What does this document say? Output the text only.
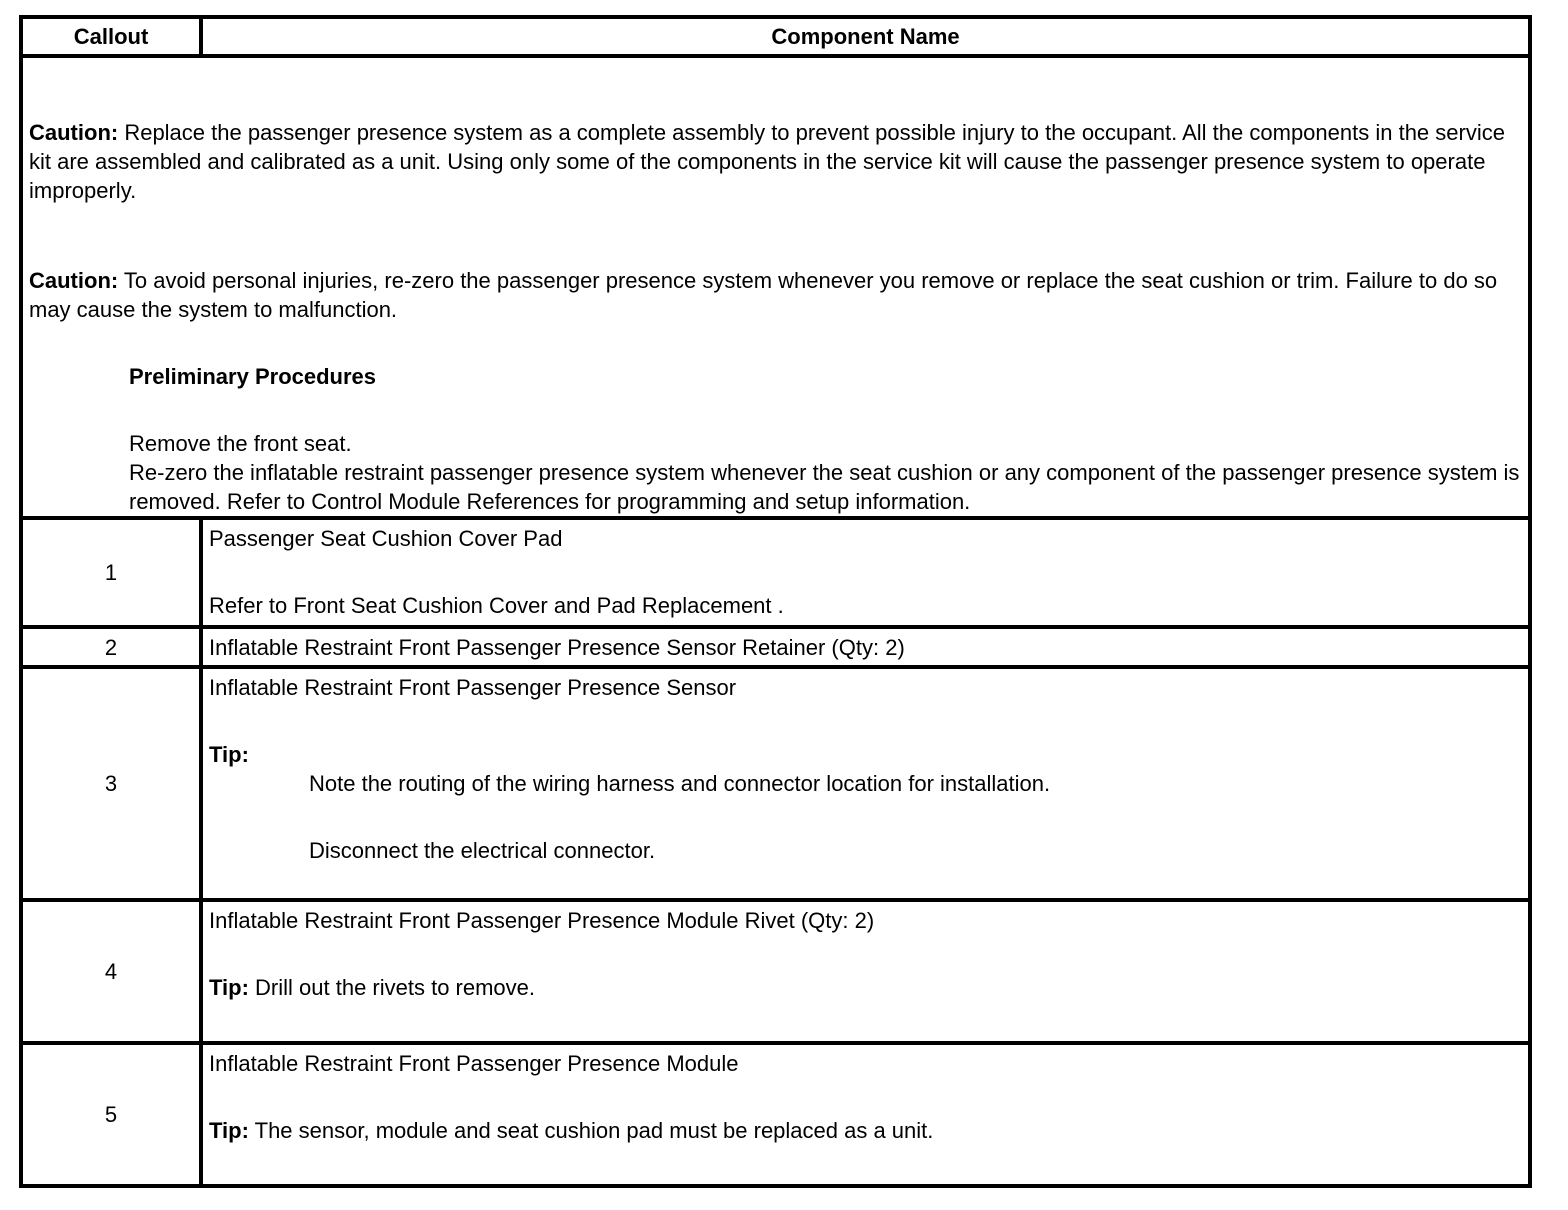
Callout	Component Name

Caution: Replace the passenger presence system as a complete assembly to prevent possible injury to the occupant. All the components in the service kit are assembled and calibrated as a unit. Using only some of the components in the service kit will cause the passenger presence system to operate improperly.

Caution: To avoid personal injuries, re-zero the passenger presence system whenever you remove or replace the seat cushion or trim. Failure to do so may cause the system to malfunction.

Preliminary Procedures

Remove the front seat.

Re-zero the inflatable restraint passenger presence system whenever the seat cushion or any component of the passenger presence system is removed. Refer to Control Module References for programming and setup information.	

1	Passenger Seat Cushion Cover Pad

Refer to Front Seat Cushion Cover and Pad Replacement .

2	Inflatable Restraint Front Passenger Presence Sensor Retainer (Qty: 2)

3	Inflatable Restraint Front Passenger Presence Sensor

Tip:

Note the routing of the wiring harness and connector location for installation.

Disconnect the electrical connector.

4	Inflatable Restraint Front Passenger Presence Module Rivet (Qty: 2)

Tip: Drill out the rivets to remove.

5	Inflatable Restraint Front Passenger Presence Module

Tip: The sensor, module and seat cushion pad must be replaced as a unit.
